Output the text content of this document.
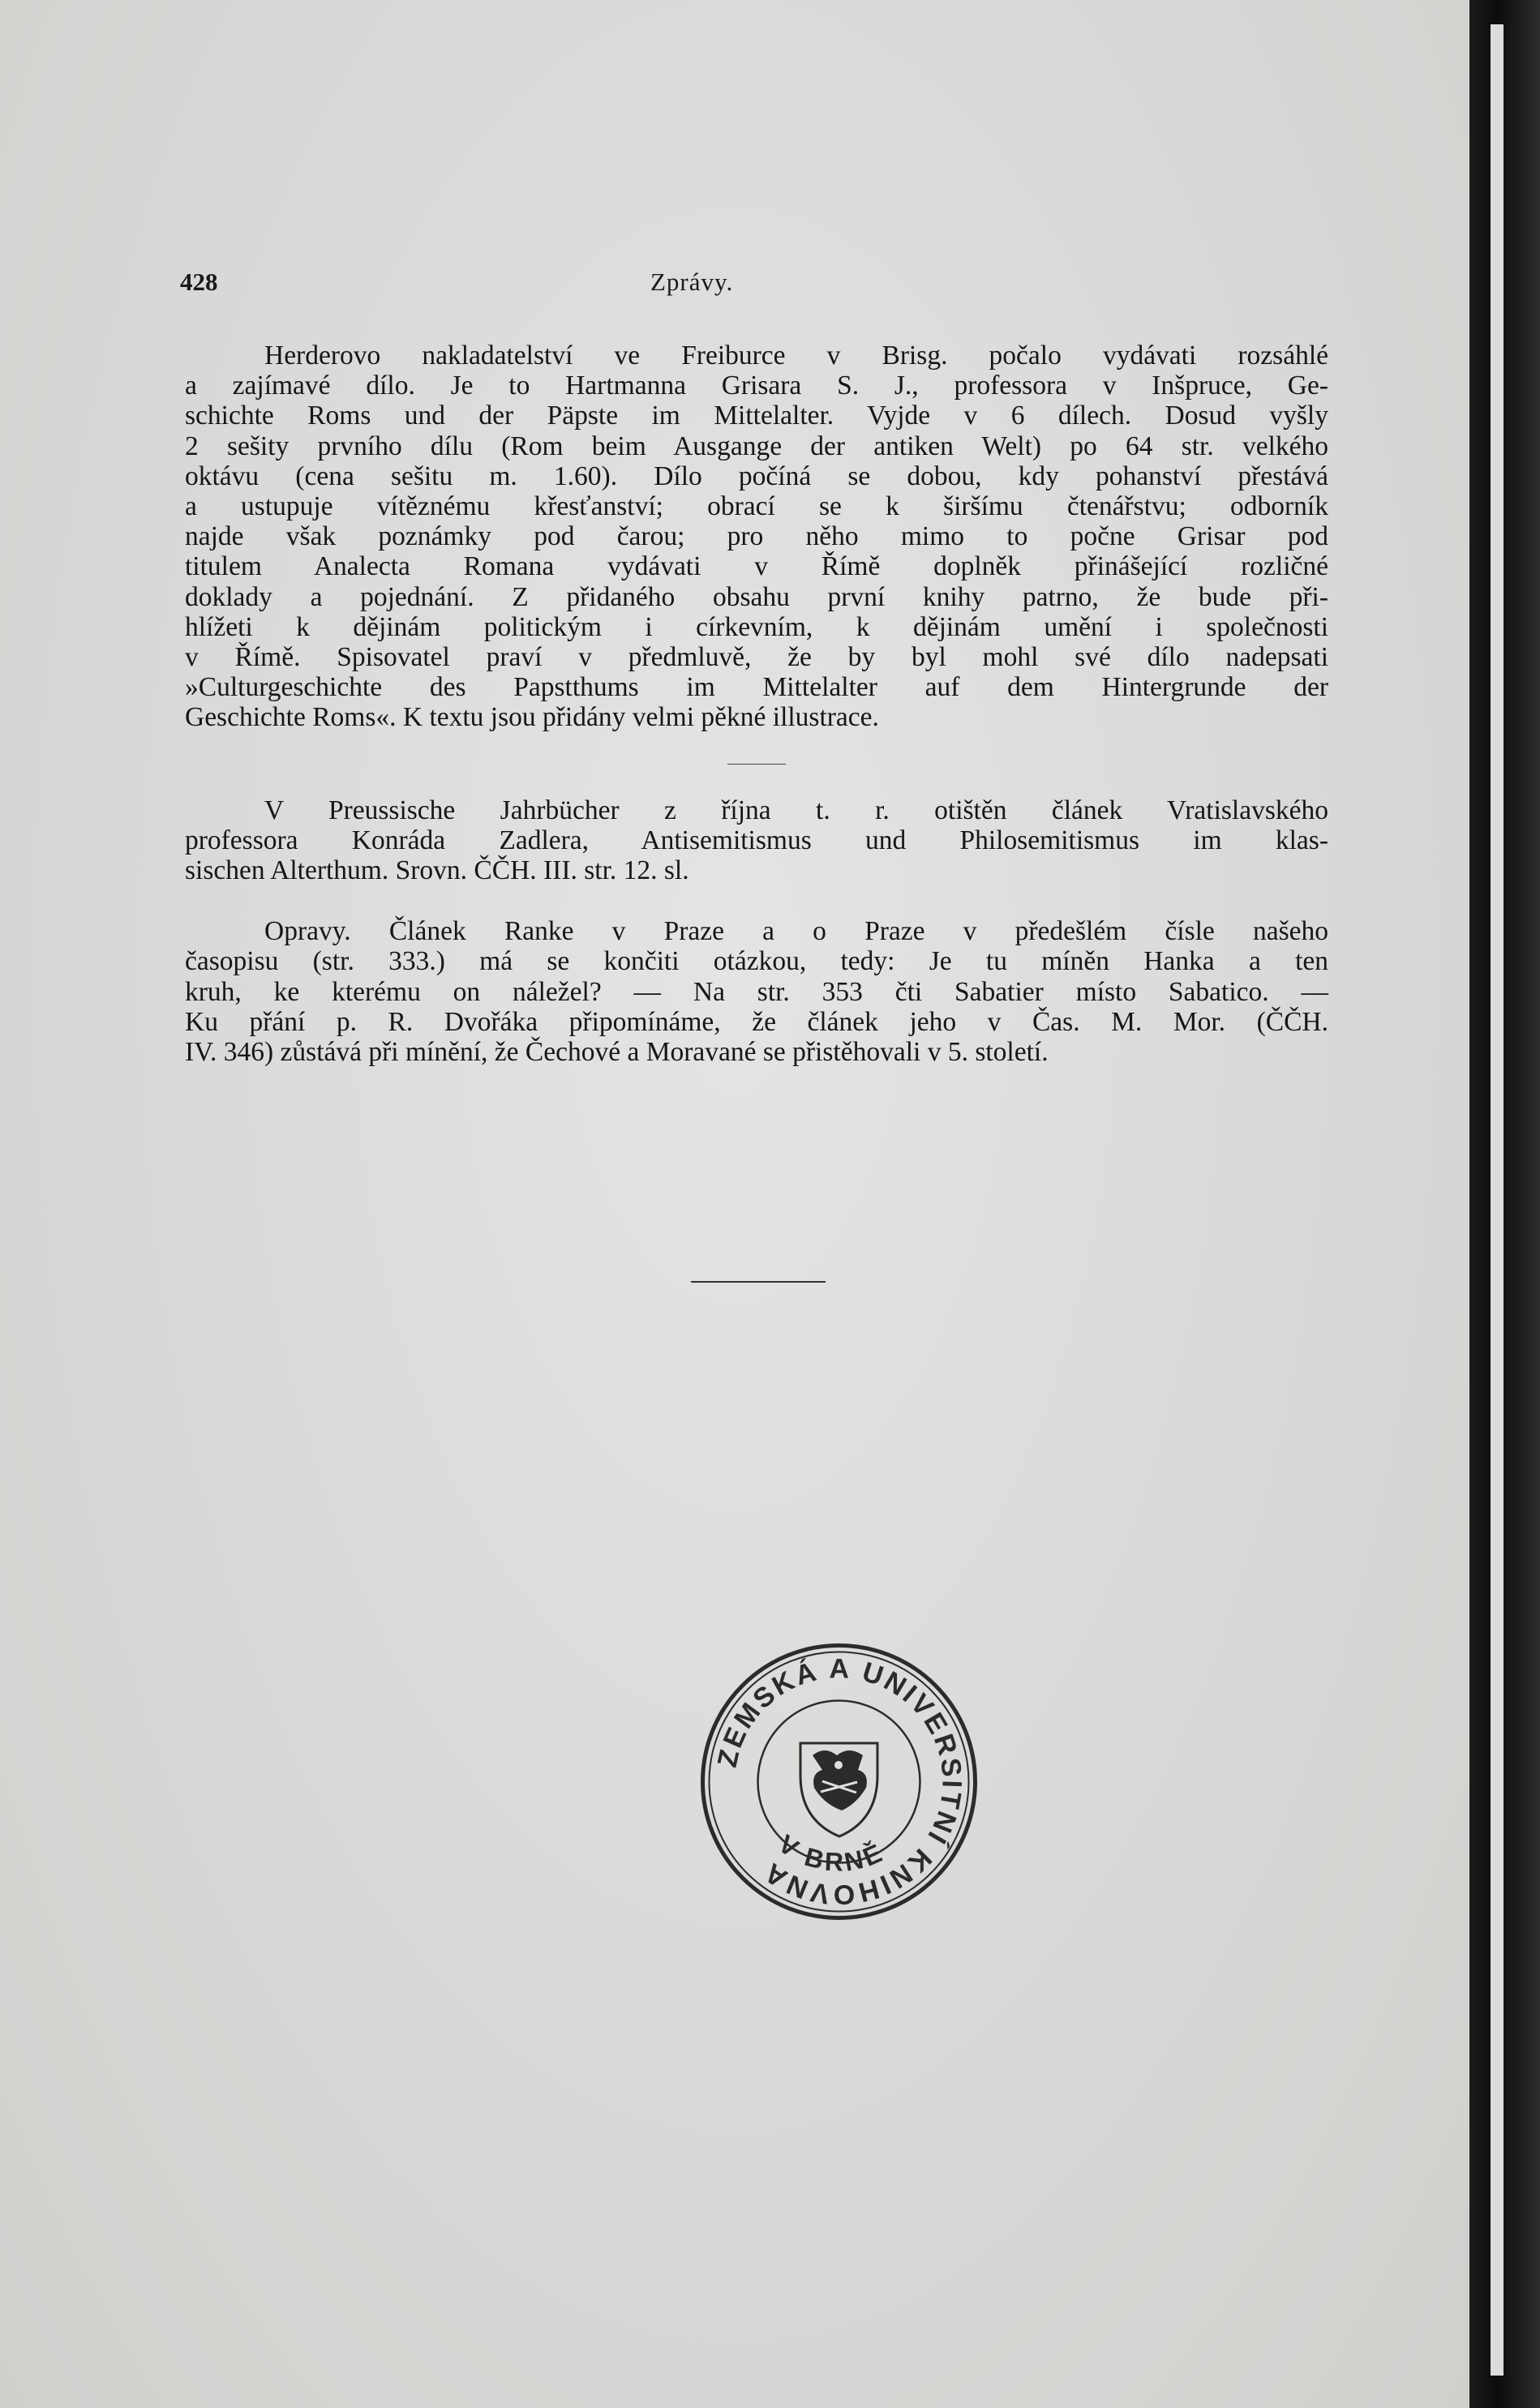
428	Zprávy.
Herderovo nakladatelství ve Freiburce v Brisg. počalo vydávati rozsáhlé
a zajímavé dílo. Je to Hartmanna Grisara S. J., professora v Inšpruce, Ge-
schichte Roms und der Päpste im Mittelalter. Vyjde v 6 dílech. Dosud vyšly
2 sešity prvního dílu (Rom beim Ausgange der antiken Welt) po 64 str. velkého
oktávu (cena sešitu m. 1.60). Dílo počíná se dobou, kdy pohanství přestává
a ustupuje vítěznému křesťanství; obrací se k širšímu čtenářstvu; odborník
najde však poznámky pod čarou; pro něho mimo to počne Grisar pod
titulem Analecta Romana vydávati v Římě doplněk přinášející rozličné
doklady a pojednání. Z přidaného obsahu první knihy patrno, že bude při-
hlížeti k dějinám politickým i církevním, k dějinám umění i společnosti
v Římě. Spisovatel praví v předmluvě, že by byl mohl své dílo nadepsati
»Culturgeschichte des Papstthums im Mittelalter auf dem Hintergrunde der
Geschichte Roms«. K textu jsou přidány velmi pěkné illustrace.
V Preussische Jahrbücher z října t. r. otištěn článek Vratislavského
professora Konráda Zadlera, Antisemitismus und Philosemitismus im klas-
sischen Alterthum. Srovn. ČČH. III. str. 12. sl.
Opravy. Článek Ranke v Praze a o Praze v předešlém čísle našeho
časopisu (str. 333.) má se končiti otázkou, tedy: Je tu míněn Hanka a ten
kruh, ke kterému on náležel? — Na str. 353 čti Sabatier místo Sabatico. —
Ku přání p. R. Dvořáka připomínáme, že článek jeho v Čas. M. Mor. (ČČH.
IV. 346) zůstává při mínění, že Čechové a Moravané se přistěhovali v 5. století.
ZEMSKÁ A UNIVERSITNÍ KNIHOVNA
V BRNĚ
